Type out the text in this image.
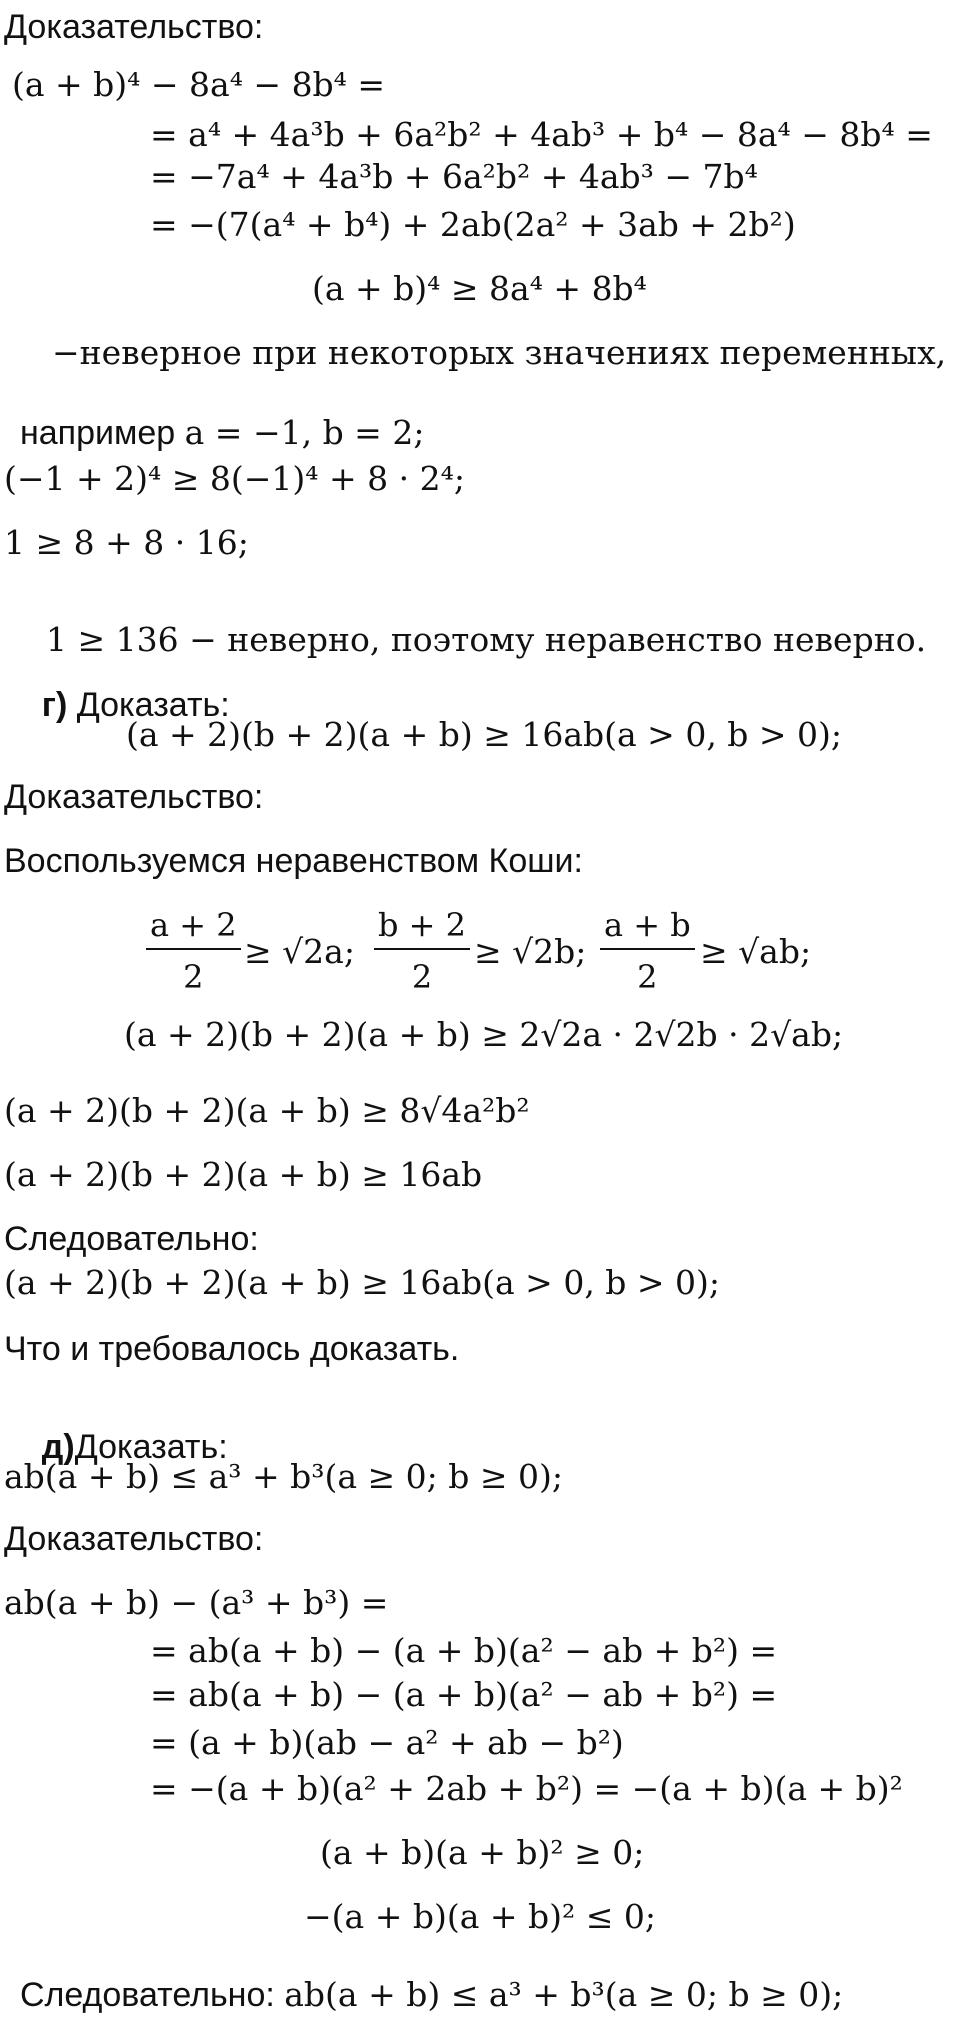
Доказательство:
(a + b)⁴ − 8a⁴ − 8b⁴ =
= a⁴ + 4a³b + 6a²b² + 4ab³ + b⁴ − 8a⁴ − 8b⁴ =
= −7a⁴ + 4a³b + 6a²b² + 4ab³ − 7b⁴
= −(7(a⁴ + b⁴) + 2ab(2a² + 3ab + 2b²)
(a + b)⁴ ≥ 8a⁴ + 8b⁴
−неверное при некоторых значениях переменных,

например a = −1, b = 2;

(−1 + 2)⁴ ≥ 8(−1)⁴ + 8 · 2⁴;
1 ≥ 8 + 8 · 16;

1 ≥ 136 − неверно, поэтому неравенство неверно.

г) Доказать:

(a + 2)(b + 2)(a + b) ≥ 16ab(a > 0, b > 0);
Доказательство:
Воспользуемся неравенством Коши:
$\frac{a + 2}{2} \ge √2a$; $\frac{b + 2}{2} \ge √2b$; $\frac{a + b}{2} \ge √ab$;
(a + 2)(b + 2)(a + b) ≥ 2√2a · 2√2b · 2√ab;
(a + 2)(b + 2)(a + b) ≥ 8√4a²b²
(a + 2)(b + 2)(a + b) ≥ 16ab
Следовательно:
(a + 2)(b + 2)(a + b) ≥ 16ab(a > 0, b > 0);
Что и требовалось доказать.

д)Доказать:

ab(a + b) ≤ a³ + b³(a ≥ 0; b ≥ 0);
Доказательство:
ab(a + b) − (a³ + b³) =
= ab(a + b) − (a + b)(a² − ab + b²) =
= ab(a + b) − (a + b)(a² − ab + b²) =
= (a + b)(ab − a² + ab − b²)
= −(a + b)(a² + 2ab + b²) = −(a + b)(a + b)²
(a + b)(a + b)² ≥ 0;
−(a + b)(a + b)² ≤ 0;

Следовательно: ab(a + b) ≤ a³ + b³(a ≥ 0; b ≥ 0);
